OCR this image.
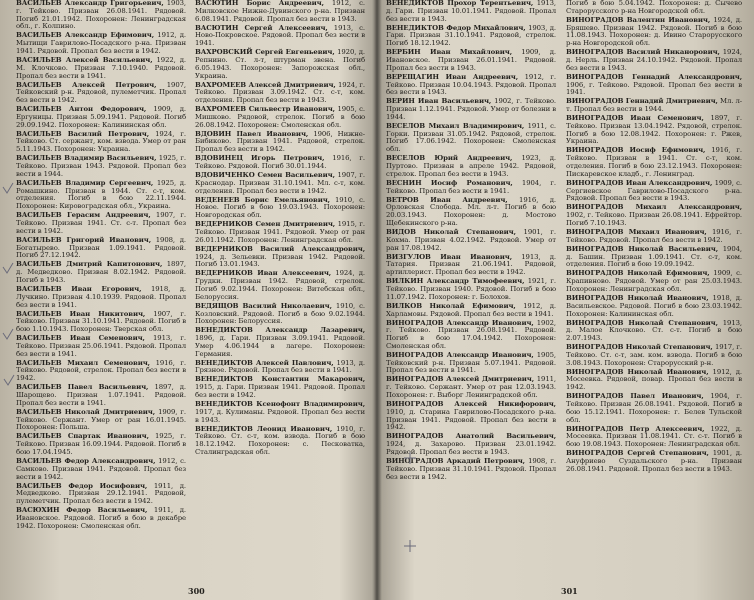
ВАСИЛЬЕВ Александр Григорьевич, 1903, г. Тейково. Призван 26.08.1941. Рядовой. Погиб 21.01.1942. Похоронен: Ленинградская обл., г. Колпино.
ВАСИЛЬЕВ Александр Ефимович, 1912, д. Мытищи Гаврилово-Посадского р-на. Призван 1941. Рядовой. Пропал без вести в 1942.
ВАСИЛЬЕВ Алексей Васильевич, 1922, д. М. Клочково. Призван 7.10.1940. Рядовой. Пропал без вести в 1941.
ВАСИЛЬЕВ Алексей Петрович, 1907, Тейковский р-н. Рядовой, пулеметчик. Пропал без вести в 1942.
ВАСИЛЬЕВ Антон Федорович, 1909, д. Ергуницы. Призван 5.09.1941. Рядовой. Погиб 29.09.1942. Похоронен: Калининская обл.
ВАСИЛЬЕВ Василий Петрович, 1924, г. Тейково. Ст. сержант, ком. взвода. Умер от ран 5.11.1943. Похоронен: Украина.
ВАСИЛЬЕВ Владимир Васильевич, 1925, г. Тейково. Призван 1943. Рядовой. Пропал без вести в 1944.
ВАСИЛЬЕВ Владимир Сергеевич, 1925, д. Ромашкино. Призван в 1944. Ст. с-т, ком. отделения. Погиб в бою 22.11.1944. Похоронен: Кировоградская обл., Украина.
ВАСИЛЬЕВ Герасим Андреевич, 1907, г. Тейково. Призван 1941. Ст. с-т. Пропал без вести в 1942.
ВАСИЛЬЕВ Григорий Иванович, 1908, д. Богатырево. Призван 1.09.1941. Рядовой. Погиб 27.12.1942.
ВАСИЛЬЕВ Дмитрий Капитонович, 1897, д. Медведково. Призван 8.02.1942. Рядовой. Погиб в 1943.
ВАСИЛЬЕВ Иван Егорович, 1918, д. Лучкино. Призван 4.10.1939. Рядовой. Пропал без вести в 1941.
ВАСИЛЬЕВ Иван Никитович, 1907, г. Тейково. Призван 31.10.1941. Рядовой. Погиб в бою 1.10.1943. Похоронен: Тверская обл.
ВАСИЛЬЕВ Иван Семенович, 1913, г. Тейково. Призван 25.06.1941. Рядовой. Пропал без вести в 1941.
ВАСИЛЬЕВ Михаил Семенович, 1916, г. Тейково. Рядовой, стрелок. Пропал без вести в 1942.
ВАСИЛЬЕВ Павел Васильевич, 1897, д. Шарощево. Призван 1.07.1941. Рядовой. Пропал без вести в 1941.
ВАСИЛЬЕВ Николай Дмитриевич, 1909, г. Тейково. Сержант. Умер от ран 16.01.1945. Похоронен: Польша.
ВАСИЛЬЕВ Спартак Иванович, 1925, г. Тейково. Призван 16.09.1944. Рядовой. Погиб в бою 17.04.1945.
ВАСИЛЬЕВ Федор Александрович, 1912, с. Самково. Призван 1941. Рядовой. Пропал без вести в 1942.
ВАСИЛЬЕВ Федор Иосифович, 1911, д. Медведково. Призван 29.12.1941. Рядовой, пулеметчик. Пропал без вести в 1942.
ВАСЮХИН Федор Васильевич, 1911, д. Ивановское. Рядовой. Погиб в бою в декабре 1942. Похоронен: Смоленская обл.
ВАСЮТИН Борис Андреевич, 1912, с. Милковское Нижне-Дувинского р-на. Призван 6.08.1941. Рядовой. Пропал без вести в 1943.
ВАСЮТИН Сергей Алексеевич, 1913, с. Ново-Покровское. Рядовой. Пропал без вести в 1941.
ВАХРОВСКИЙ Сергей Евгеньевич, 1920, д. Репнино. Ст. л-т, штурман звена. Погиб 6.05.1943. Похоронен: Запорожская обл., Украина.
ВАХРОМЕЕВ Алексей Дмитриевич, 1924, г. Тейково. Призван 3.09.1942. Ст. с-т, ком. отделения. Пропал без вести в 1943.
ВАХРОМЕЕВ Сильвестр Иванович, 1905, с. Мишково. Рядовой, стрелок. Погиб в бою 26.08.1942. Похоронен: Смоленская обл.
ВДОВИН Павел Иванович, 1906, Нижне-Бибиково. Призван 1941. Рядовой, стрелок. Пропал без вести в 1942.
ВДОВИНЕЦ Игорь Петрович, 1916, г. Тейково. Рядовой. Погиб 30.01.1944.
ВДОВИЧЕНКО Семен Васильевич, 1907, г. Краснодар. Призван 31.10.1941. Мл. с-т, ком. отделения. Пропал без вести в 1942.
ВЕДЕНЕЕВ Борис Емельянович, 1910, с. Новое. Погиб в бою 19.03.1943. Похоронен: Новгородская обл.
ВЕДЕРНИКОВ Семен Дмитриевич, 1915, г. Тейково. Призван 1941. Рядовой. Умер от ран 26.01.1942. Похоронен: Ленинградская обл.
ВЕДЕРНИКОВ Василий Александрович, 1924, д. Зельевки. Призван 1942. Рядовой. Погиб 13.01.1943.
ВЕДЕРНИКОВ Иван Алексеевич, 1924, д. Грудки. Призван 1942. Рядовой, стрелок. Погиб 9.02.1944. Похоронен: Витебская обл., Белоруссия.
ВЕДЯЩОВ Василий Николаевич, 1910, с. Козловский. Рядовой. Погиб в бою 9.02.1944. Похоронен: Белоруссия.
ВЕНЕДИКТОВ Александр Лазаревич, 1896, д. Гари. Призван 3.09.1941. Рядовой. Умер 4.06.1944 в лагере. Похоронен: Германия.
ВЕНЕДИКТОВ Алексей Павлович, 1913, д. Грязное. Рядовой. Пропал без вести в 1941.
ВЕНЕДИКТОВ Константин Макарович, 1915, д. Гари. Призван 1941. Рядовой. Пропал без вести в 1942.
ВЕНЕДИКТОВ Ксенофонт Владимирович, 1917, д. Кулиманы. Рядовой. Пропал без вести в 1943.
ВЕНЕДИКТОВ Леонид Иванович, 1910, г. Тейково. Ст. с-т, ком. взвода. Погиб в бою 18.12.1942. Похоронен: с. Песковатка, Сталинградская обл.
300
ВЕНЕДИКТОВ Прохор Терентьевич, 1913, д. Гари. Призван 10.01.1941. Рядовой. Пропал без вести в 1943.
ВЕНЕДИКТОВ Федор Михайлович, 1903, д. Гари. Призван 31.10.1941. Рядовой, стрелок. Погиб 18.12.1942.
ВЕРБИН Иван Михайлович, 1909, д. Ивановское. Призван 26.01.1941. Рядовой. Пропал без вести в 1943.
ВЕРЕЩАГИН Иван Андреевич, 1912, г. Тейково. Призван 10.04.1943. Рядовой. Пропал без вести в 1943.
ВЕРИН Иван Васильевич, 1902, г. Тейково. Призван 1.12.1941. Рядовой. Умер от болезни в 1944.
ВЕСЕЛОВ Михаил Владимирович, 1911, с. Горки. Призван 31.05.1942. Рядовой, стрелок. Погиб 17.06.1942. Похоронен: Смоленская обл.
ВЕСЕЛОВ Юрий Андреевич, 1923, д. Пуртово. Призван в апреле 1942. Рядовой, стрелок. Пропал без вести в 1943.
ВЕСНИН Иосиф Романович, 1904, г. Тейково. Пропал без вести в 1941.
ВЕТРОВ Иван Андреевич, 1916, д. Орловская Слобода. Мл. л-т. Погиб в бою 20.03.1943. Похоронен: д. Мостово Щебекинского р-на.
ВИДОВ Николай Степанович, 1901, г. Кохма. Призван 4.02.1942. Рядовой. Умер от ран 17.08.1942.
ВИЗГУЛОВ Иван Иванович, 1913, д. Татария. Призван 21.06.1941. Рядовой, артиллерист. Пропал без вести в 1942.
ВИЛКИН Александр Тимофеевич, 1921, г. Тейково. Призван 1940. Рядовой. Погиб в бою 11.07.1942. Похоронен: г. Болохов.
ВИЛКОВ Николай Ефимович, 1912, д. Харламовы. Рядовой. Пропал без вести в 1941.
ВИНОГРАДОВ Александр Иванович, 1902, г. Тейково. Призван 26.08.1941. Рядовой. Погиб в бою 17.04.1942. Похоронен: Смоленская обл.
ВИНОГРАДОВ Александр Иванович, 1905, Тейковский р-н. Призван 5.07.1941. Рядовой. Пропал без вести в 1941.
ВИНОГРАДОВ Алексей Дмитриевич, 1911, г. Тейково. Сержант. Умер от ран 12.03.1943. Похоронен: г. Выборг Ленинградской обл.
ВИНОГРАДОВ Алексей Никифорович, 1910, д. Старина Гаврилово-Посадского р-на. Призван 1941. Рядовой. Пропал без вести в 1942.
ВИНОГРАДОВ Анатолий Васильевич, 1924, д. Захарово. Призван 23.01.1942. Рядовой. Пропал без вести в 1943.
ВИНОГРАДОВ Аркадий Петрович, 1908, г. Тейково. Призван 31.10.1941. Рядовой. Пропал без вести в 1942.
Погиб в бою 5.04.1942. Похоронен: д. Сычево Старорусского р-на Новгородской обл.
ВИНОГРАДОВ Валентин Иванович, 1924, д. Бряшево. Призван 1942. Рядовой. Погиб в бою 11.08.1943. Похоронен: д. Ивино Старорусского р-на Новгородской обл.
ВИНОГРАДОВ Василий Никанорович, 1924, д. Нерль. Призван 24.10.1942. Рядовой. Пропал без вести в 1943.
ВИНОГРАДОВ Геннадий Александрович, 1906, г. Тейково. Рядовой. Пропал без вести в 1941.
ВИНОГРАДОВ Геннадий Дмитриевич, Мл. л-т. Пропал без вести в 1944.
ВИНОГРАДОВ Иван Семенович, 1897, г. Тейково. Призван 13.04.1942. Рядовой, стрелок. Погиб в бою 12.08.1942. Похоронен: г. Ржев, Украина.
ВИНОГРАДОВ Иосиф Ефимович, 1916, г. Тейково. Призван в 1941. Ст. с-т, ком. отделения. Погиб в бою 23.12.1943. Похоронен: Пискаревское кладб., г. Ленинград.
ВИНОГРАДОВ Иван Александрович, 1909, с. Сергиевское Гаврилово-Посадского р-на. Рядовой. Пропал без вести в 1943.
ВИНОГРАДОВ Михаил Александрович, 1902, г. Тейково. Призван 26.08.1941. Ефрейтор. Погиб 7.10.1943.
ВИНОГРАДОВ Михаил Иванович, 1916, г. Тейково. Рядовой. Пропал без вести в 1942.
ВИНОГРАДОВ Николай Васильевич, 1904, д. Башин. Призван 1.09.1941. Ст. с-т, ком. отделения. Погиб в бою 19.09.1942.
ВИНОГРАДОВ Николай Ефимович, 1909, с. Крапивново. Рядовой. Умер от ран 25.03.1943. Похоронен: Ленинградская обл.
ВИНОГРАДОВ Николай Иванович, 1918, д. Васильевское. Рядовой. Погиб в бою 23.03.1942. Похоронен: Калининская обл.
ВИНОГРАДОВ Николай Степанович, 1913, д. Малое Клочково. Ст. с-т. Погиб в бою 2.07.1943.
ВИНОГРАДОВ Николай Степанович, 1917, г. Тейково. Ст. с-т, зам. ком. взвода. Погиб в бою 3.08.1943. Похоронен: Старорусский р-н.
ВИНОГРАДОВ Николай Иванович, 1912, д. Мосеевка. Рядовой, повар. Пропал без вести в 1942.
ВИНОГРАДОВ Павел Иванович, 1904, г. Тейково. Призван 26.08.1941. Рядовой. Погиб в бою 15.12.1941. Похоронен: г. Белев Тульской обл.
ВИНОГРАДОВ Петр Алексеевич, 1922, д. Мосеевка. Призван 11.08.1941. Ст. с-т. Погиб в бою 19.08.1943. Похоронен: Ленинградская обл.
ВИНОГРАДОВ Сергей Степанович, 1901, д. Ануфриево Суздальского р-на. Призван 26.08.1941. Рядовой. Пропал без вести в 1943.
301
